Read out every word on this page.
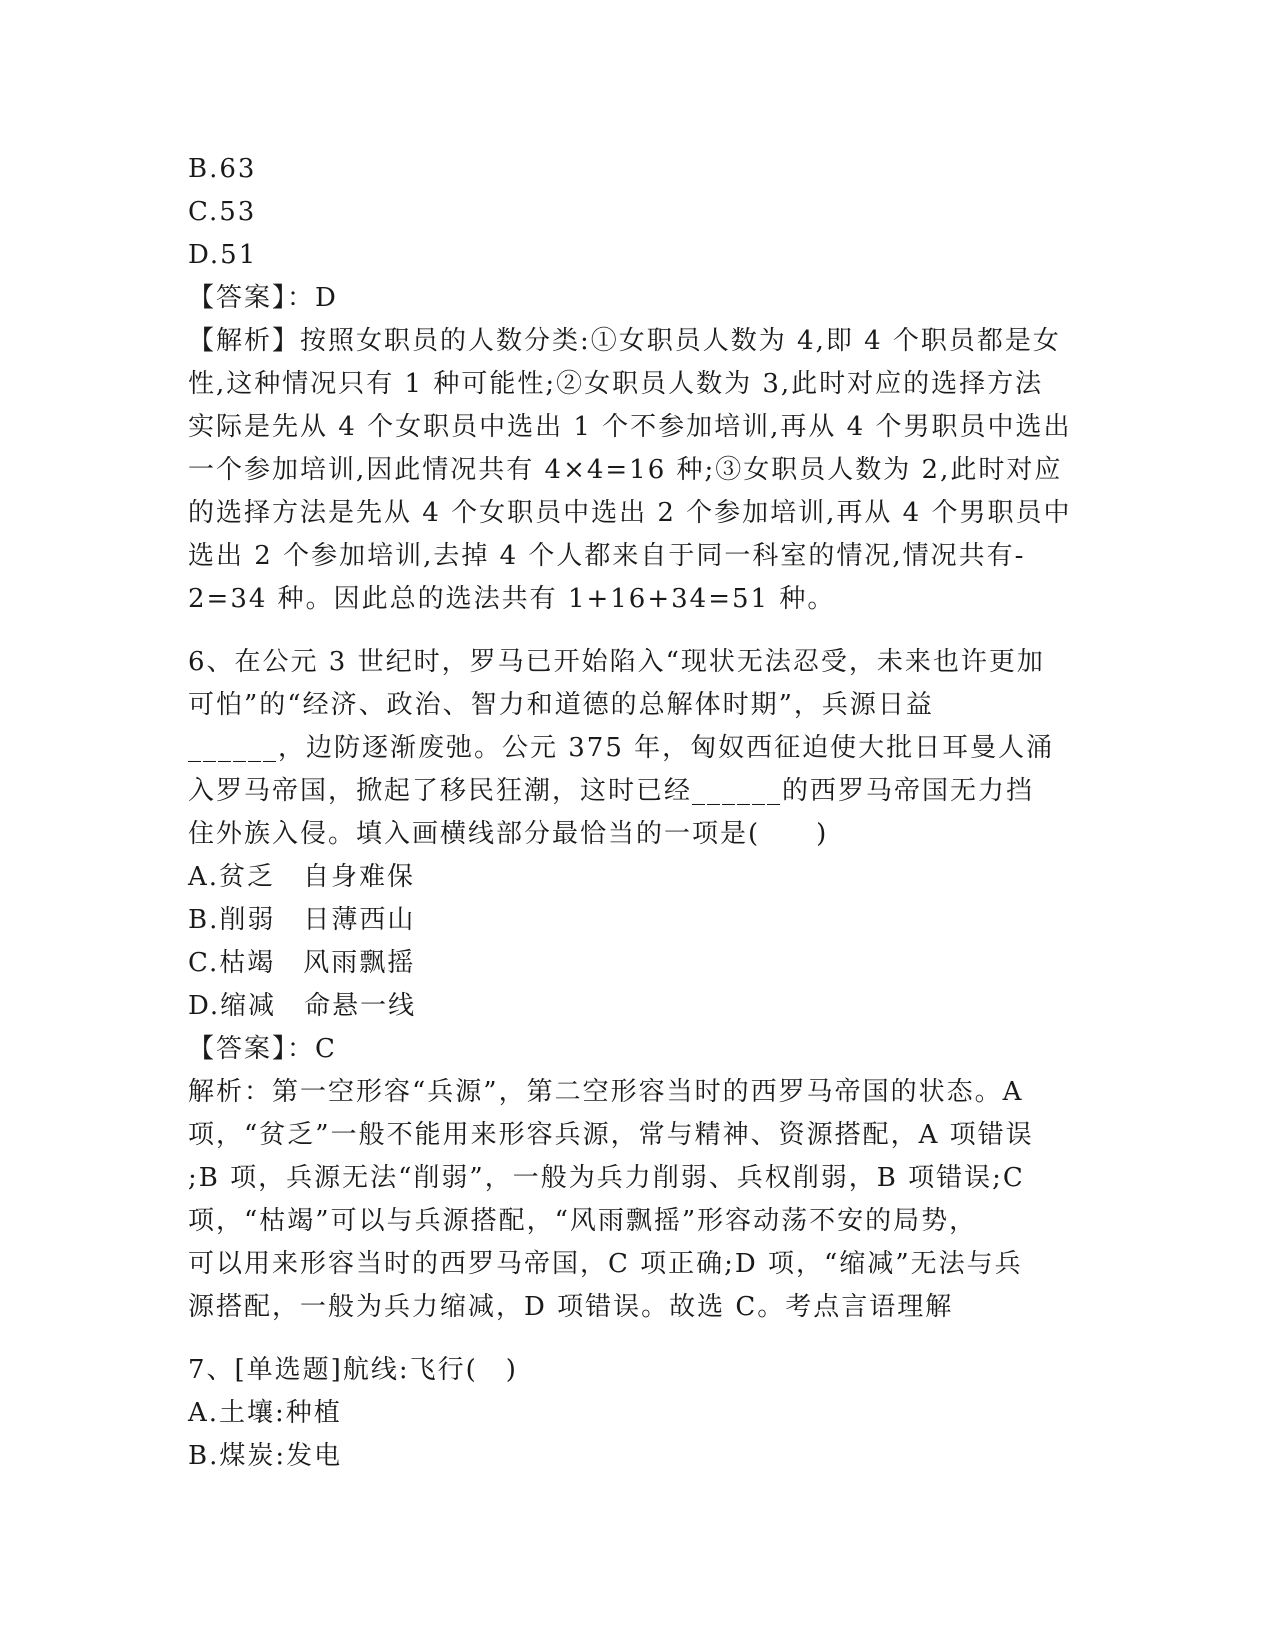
B.63
C.53
D.51
【答案】：D
【解析】按照女职员的人数分类:①女职员人数为 4,即 4 个职员都是女
性,这种情况只有 1 种可能性;②女职员人数为 3,此时对应的选择方法
实际是先从 4 个女职员中选出 1 个不参加培训,再从 4 个男职员中选出
一个参加培训,因此情况共有 4×4=16 种;③女职员人数为 2,此时对应
的选择方法是先从 4 个女职员中选出 2 个参加培训,再从 4 个男职员中
选出 2 个参加培训,去掉 4 个人都来自于同一科室的情况,情况共有-
2=34 种。因此总的选法共有 1+16+34=51 种。
6、在公元 3 世纪时，罗马已开始陷入“现状无法忍受，未来也许更加
可怕”的“经济、政治、智力和道德的总解体时期”，兵源日益
______，边防逐渐废弛。公元 375 年，匈奴西征迫使大批日耳曼人涌
入罗马帝国，掀起了移民狂潮，这时已经______的西罗马帝国无力挡
住外族入侵。填入画横线部分最恰当的一项是(　　)
A.贫乏　自身难保
B.削弱　日薄西山
C.枯竭　风雨飘摇
D.缩减　命悬一线
【答案】：C
解析：第一空形容“兵源”，第二空形容当时的西罗马帝国的状态。A
项，“贫乏”一般不能用来形容兵源，常与精神、资源搭配，A 项错误
;B 项，兵源无法“削弱”，一般为兵力削弱、兵权削弱，B 项错误;C
项，“枯竭”可以与兵源搭配，“风雨飘摇”形容动荡不安的局势，
可以用来形容当时的西罗马帝国，C 项正确;D 项，“缩减”无法与兵
源搭配，一般为兵力缩减，D 项错误。故选 C。考点言语理解
7、[单选题]航线:飞行(　)
A.土壤:种植
B.煤炭:发电
